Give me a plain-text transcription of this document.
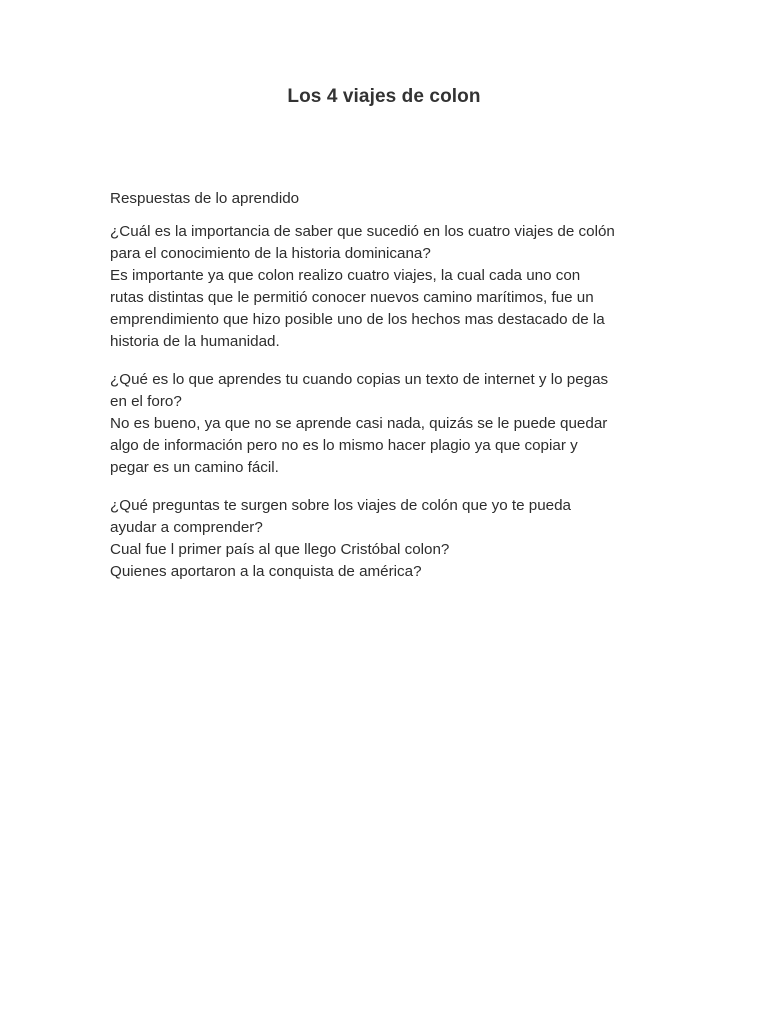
Los 4 viajes de colon

Respuestas de lo aprendido

¿Cuál es la importancia de saber que sucedió en los cuatro viajes de colón
para el conocimiento de la historia dominicana?

Es importante ya que colon realizo cuatro viajes, la cual cada uno con
rutas distintas que le permitió conocer nuevos camino marítimos, fue un
emprendimiento que hizo posible uno de los hechos mas destacado de la
historia de la humanidad.

¿Qué es lo que aprendes tu cuando copias un texto de internet y lo pegas
en el foro?

No es bueno, ya que no se aprende casi nada, quizás se le puede quedar
algo de información pero no es lo mismo hacer plagio ya que copiar y
pegar es un camino fácil.

¿Qué preguntas te surgen sobre los viajes de colón que yo te pueda
ayudar a comprender?

Cual fue l primer país al que llego Cristóbal colon?
Quienes aportaron a la conquista de américa?
